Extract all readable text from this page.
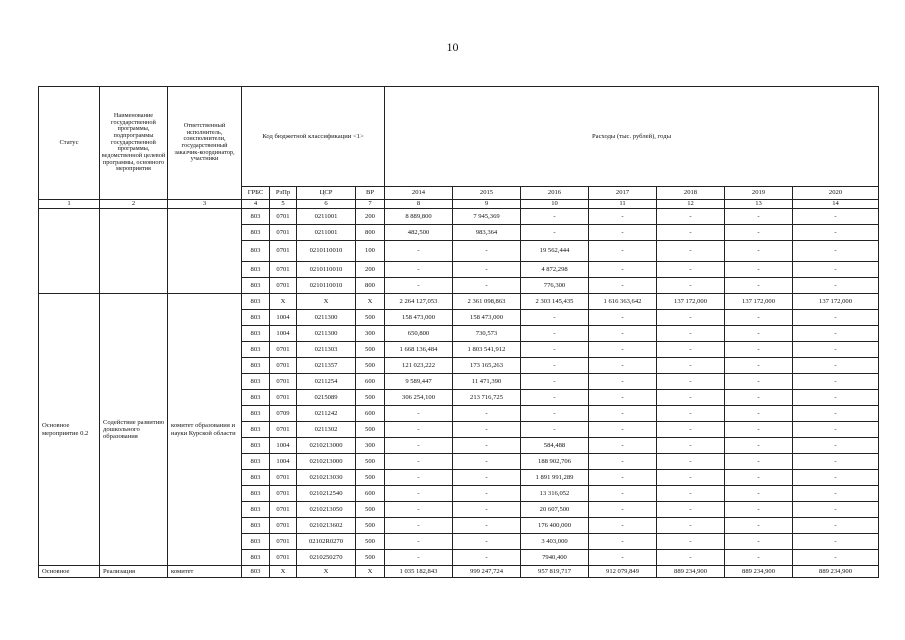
10
Статус	Наименование государственной программы, подпрограммы государственной программы, ведомственной целевой программы, основного мероприятия	Ответственный исполнитель, соисполнители, государственный заказчик-координатор, участники	Код бюджетной классификации <1>				Расходы (тыс. рублей), годы						
			ГРБС	РзПр	ЦСР	ВР	2014	2015	2016	2017	2018	2019	2020
1	2	3	4	5	6	7	8	9	10	11	12	13	14
			803	0701	0211001	200	8 889,800	7 945,369	-	-	-	-	-
			803	0701	0211001	800	482,500	983,364	-	-	-	-	-
			803	0701	0210110010	100	-	-	19 562,444	-	-	-	-
			803	0701	0210110010	200	-	-	4 872,298	-	-	-	-
			803	0701	0210110010	800	-	-	776,300	-	-	-	-
Основное мероприятие 0.2	Содействие развитию дошкольного образования	комитет образования и науки Курской области	803	X	X	X	2 264 127,053	2 361 098,863	2 303 145,435	1 616 363,642	137 172,000	137 172,000	137 172,000
			803	1004	0211300	500	158 473,000	158 473,000	-	-	-	-	-
			803	1004	0211300	300	650,800	730,573	-	-	-	-	-
			803	0701	0211303	500	1 668 136,484	1 803 541,912	-	-	-	-	-
			803	0701	0211357	500	121 023,222	173 165,263	-	-	-	-	-
			803	0701	0211254	600	9 589,447	11 471,390	-	-	-	-	-
			803	0701	0215089	500	306 254,100	213 716,725	-	-	-	-	-
			803	0709	0211242	600	-	-	-	-	-	-	-
			803	0701	0211302	500	-	-	-	-	-	-	-
			803	1004	0210213000	300	-	-	584,488	-	-	-	-
			803	1004	0210213000	500	-	-	188 902,706	-	-	-	-
			803	0701	0210213030	500	-	-	1 891 991,289	-	-	-	-
			803	0701	0210212540	600	-	-	13 316,052	-	-	-	-
			803	0701	0210213050	500	-	-	20 607,500	-	-	-	-
			803	0701	0210213602	500	-	-	176 400,000	-	-	-	-
			803	0701	02102R0270	500	-	-	3 403,000	-	-	-	-
			803	0701	0210250270	500	-	-	7940,400	-	-	-	-
Основное	Реализация	комитет	803	X	X	X	1 035 182,843	999 247,724	957 819,717	912 079,849	889 234,900	889 234,900	889 234,900
